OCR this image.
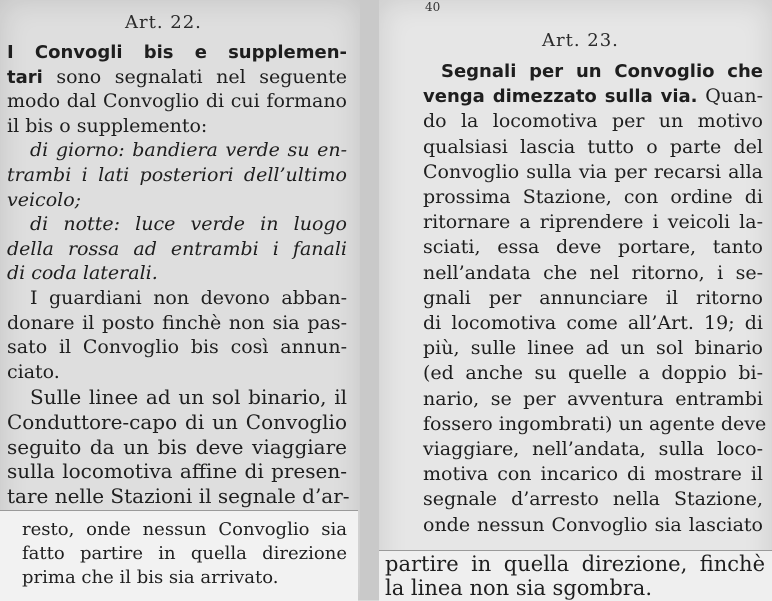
Art. 22.
I Convogli bis e supplemen-
tari sono segnalati nel seguente
modo dal Convoglio di cui formano
il bis o supplemento:
di giorno: bandiera verde su en-
trambi i lati posteriori dell’ultimo
veicolo;
di notte: luce verde in luogo
della rossa ad entrambi i fanali
di coda laterali.
I guardiani non devono abban-
donare il posto finchè non sia pas-
sato il Convoglio bis così annun-
ciato.
Sulle linee ad un sol binario, il
Conduttore-capo di un Convoglio
seguito da un bis deve viaggiare
sulla locomotiva affine di presen-
tare nelle Stazioni il segnale d’ar-
40
Art. 23.
Segnali per un Convoglio che
venga dimezzato sulla via. Quan-
do la locomotiva per un motivo
qualsiasi lascia tutto o parte del
Convoglio sulla via per recarsi alla
prossima Stazione, con ordine di
ritornare a riprendere i veicoli la-
sciati, essa deve portare, tanto
nell’andata che nel ritorno, i se-
gnali per annunciare il ritorno
di locomotiva come all’Art. 19; di
più, sulle linee ad un sol binario
(ed anche su quelle a doppio bi-
nario, se per avventura entrambi
fossero ingombrati) un agente deve
viaggiare, nell’andata, sulla loco-
motiva con incarico di mostrare il
segnale d’arresto nella Stazione,
onde nessun Convoglio sia lasciato
resto, onde nessun Convoglio sia
fatto partire in quella direzione
prima che il bis sia arrivato.
partire in quella direzione, finchè
la linea non sia sgombra.
